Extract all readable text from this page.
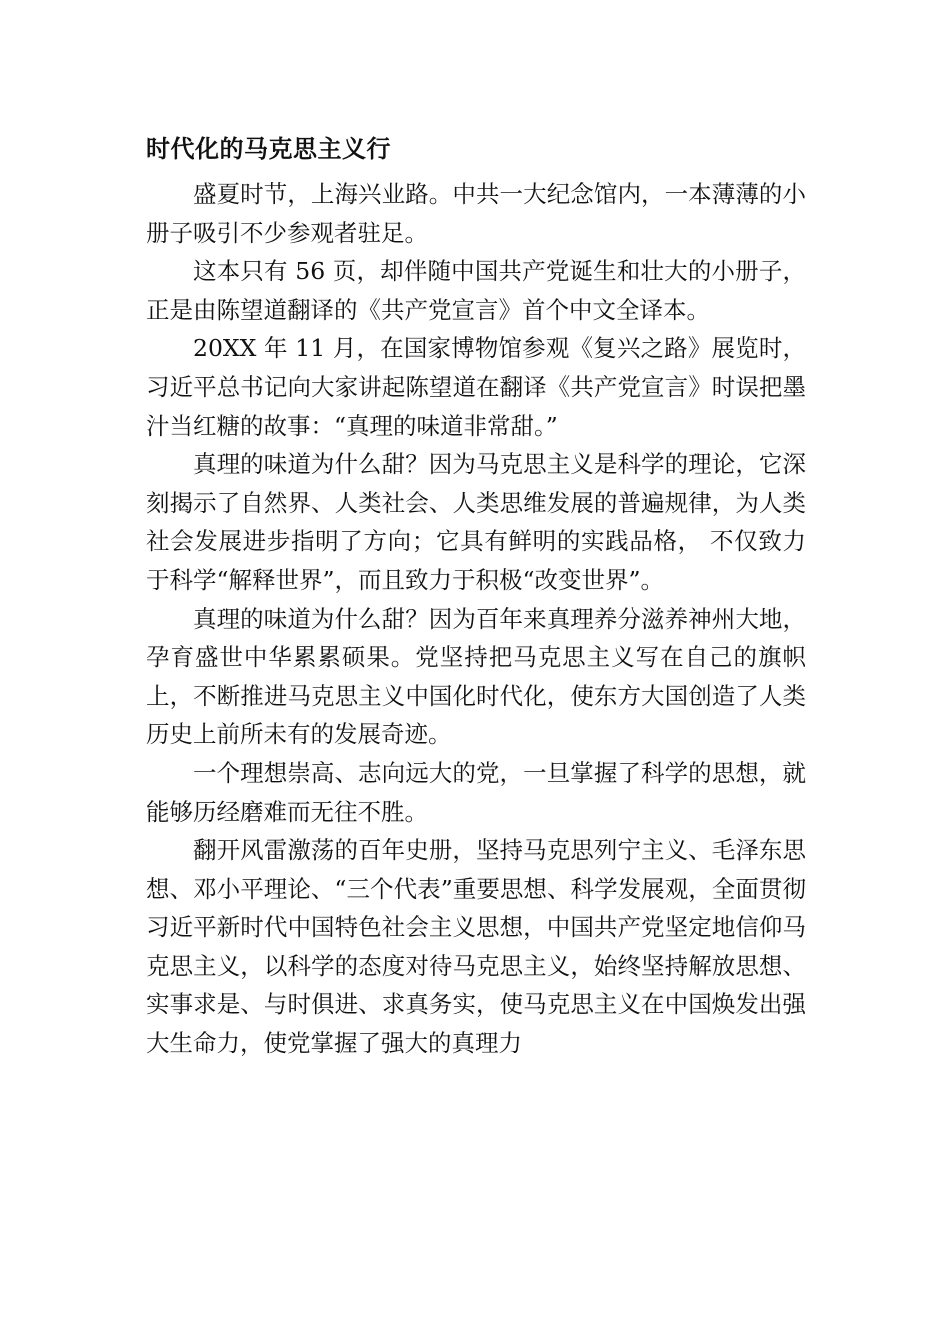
时代化的马克思主义行

盛夏时节，上海兴业路。中共一大纪念馆内，一本薄薄的小册子吸引不少参观者驻足。

这本只有 56 页，却伴随中国共产党诞生和壮大的小册子，正是由陈望道翻译的《共产党宣言》首个中文全译本。

20XX 年 11 月，在国家博物馆参观《复兴之路》展览时，习近平总书记向大家讲起陈望道在翻译《共产党宣言》时误把墨汁当红糖的故事：“真理的味道非常甜。”

真理的味道为什么甜？因为马克思主义是科学的理论，它深刻揭示了自然界、人类社会、人类思维发展的普遍规律，为人类社会发展进步指明了方向；它具有鲜明的实践品格， 不仅致力于科学“解释世界”，而且致力于积极“改变世界”。

真理的味道为什么甜？因为百年来真理养分滋养神州大地，孕育盛世中华累累硕果。党坚持把马克思主义写在自己的旗帜上，不断推进马克思主义中国化时代化，使东方大国创造了人类历史上前所未有的发展奇迹。

一个理想崇高、志向远大的党，一旦掌握了科学的思想，就能够历经磨难而无往不胜。

翻开风雷激荡的百年史册，坚持马克思列宁主义、毛泽东思想、邓小平理论、“三个代表”重要思想、科学发展观，全面贯彻习近平新时代中国特色社会主义思想，中国共产党坚定地信仰马克思主义，以科学的态度对待马克思主义，始终坚持解放思想、实事求是、与时俱进、求真务实，使马克思主义在中国焕发出强大生命力，使党掌握了强大的真理力
